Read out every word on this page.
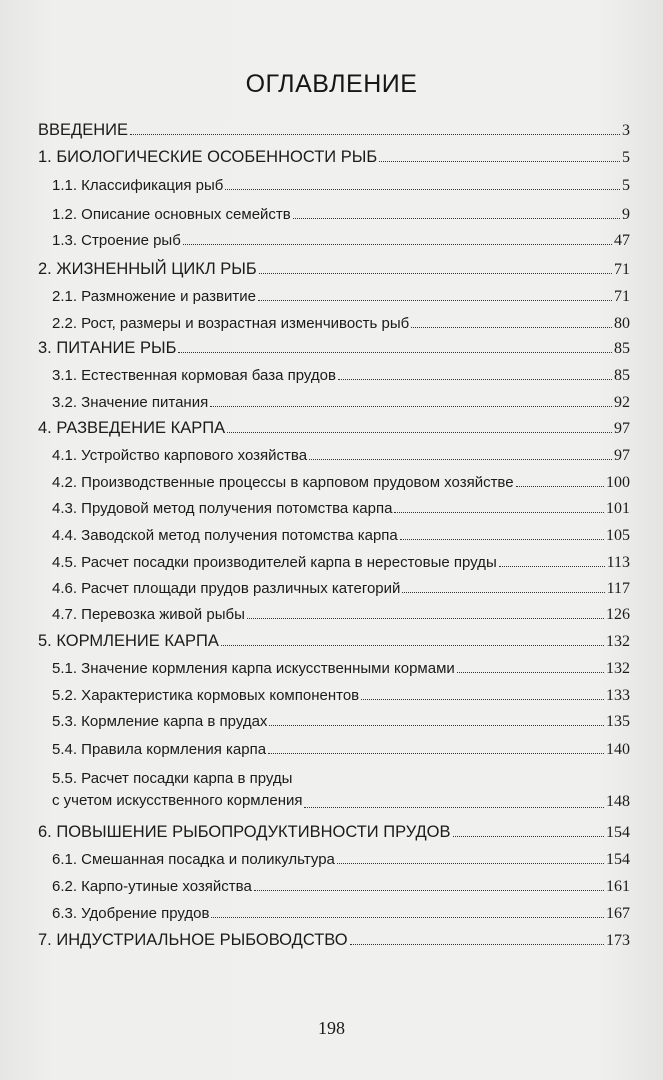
ОГЛАВЛЕНИЕ
ВВЕДЕНИЕ	3
1. БИОЛОГИЧЕСКИЕ ОСОБЕННОСТИ РЫБ	5
1.1. Классификация рыб	5
1.2. Описание основных семейств	9
1.3. Строение рыб	47
2. ЖИЗНЕННЫЙ ЦИКЛ РЫБ	71
2.1. Размножение и развитие	71
2.2. Рост, размеры и возрастная изменчивость рыб	80
3. ПИТАНИЕ РЫБ	85
3.1. Естественная кормовая база прудов	85
3.2. Значение питания	92
4. РАЗВЕДЕНИЕ КАРПА	97
4.1. Устройство карпового хозяйства	97
4.2. Производственные процессы в карповом прудовом хозяйстве	100
4.3. Прудовой метод получения потомства карпа	101
4.4. Заводской метод получения потомства карпа	105
4.5. Расчет посадки производителей карпа в нерестовые пруды	113
4.6. Расчет площади прудов различных категорий	117
4.7. Перевозка живой рыбы	126
5. КОРМЛЕНИЕ КАРПА	132
5.1. Значение кормления карпа искусственными кормами	132
5.2. Характеристика кормовых компонентов	133
5.3. Кормление карпа в прудах	135
5.4. Правила кормления карпа	140
5.5. Расчет посадки карпа в пруды
с учетом искусственного кормления	148
6. ПОВЫШЕНИЕ РЫБОПРОДУКТИВНОСТИ ПРУДОВ	154
6.1. Смешанная посадка и поликультура	154
6.2. Карпо-утиные хозяйства	161
6.3. Удобрение прудов	167
7. ИНДУСТРИАЛЬНОЕ РЫБОВОДСТВО	173
198
